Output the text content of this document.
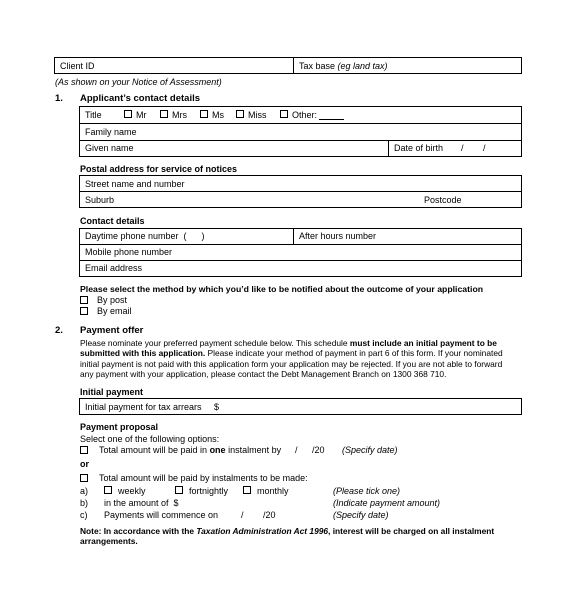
Client ID	Tax base (eg land tax)
(As shown on your Notice of Assessment)
1. Applicant’s contact details
Title	Mr	Mrs	Ms	Miss	Other:
Family name
Given name	Date of birth / /
Postal address for service of notices
Street name and number
Suburb	Postcode
Contact details
Daytime phone number  (      )	After hours number
Mobile phone number
Email address
Please select the method by which you’d like to be notified about the outcome of your application
By post
By email
2. Payment offer
Please nominate your preferred payment schedule below. This schedule must include an initial payment to be submitted with this application. Please indicate your method of payment in part 6 of this form. If your nominated initial payment is not paid with this application form your application may be rejected. If you are not able to forward any payment with your application, please contact the Debt Management Branch on 1300 368 710.
Initial payment
Initial payment for tax arrears     $
Payment proposal
Select one of the following options:
Total amount will be paid in one instalment by / /20 (Specify date)
or
Total amount will be paid by instalments to be made:
a)	weekly	fortnightly	monthly	(Please tick one)
b) in the amount of  $	(Indicate payment amount)
c) Payments will commence on	/ /20	(Specify date)
Note: In accordance with the Taxation Administration Act 1996, interest will be charged on all instalment arrangements.
